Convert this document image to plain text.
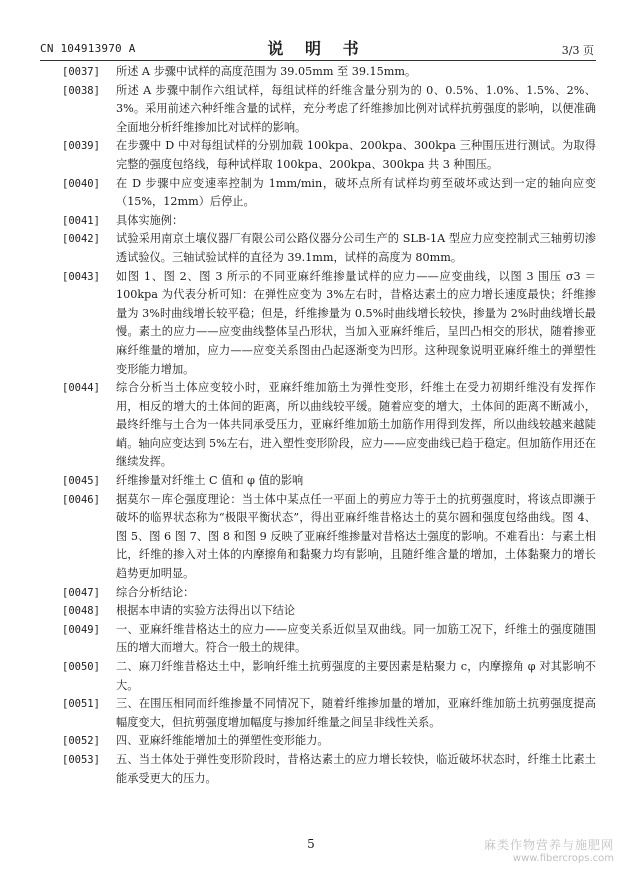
CN 104913970 A	说 明 书	3/3 页
[0037] 所述 A 步骤中试样的高度范围为 39.05mm 至 39.15mm。
[0038] 所述 A 步骤中制作六组试样，每组试样的纤维含量分别为的 0、0.5%、1.0%、1.5%、2%、3%。采用前述六种纤维含量的试样，充分考虑了纤维掺加比例对试样抗剪强度的影响，以便准确全面地分析纤维掺加比对试样的影响。
[0039] 在步骤中 D 中对每组试样的分别加载 100kpa、200kpa、300kpa 三种围压进行测试。为取得完整的强度包络线，每种试样取 100kpa、200kpa、300kpa 共 3 种围压。
[0040] 在 D 步骤中应变速率控制为 1mm/min，破坏点所有试样均剪至破坏或达到一定的轴向应变（15%，12mm）后停止。
[0041] 具体实施例：
[0042] 试验采用南京土壤仪器厂有限公司公路仪器分公司生产的 SLB-1A 型应力应变控制式三轴剪切渗透试验仪。三轴试验试样的直径为 39.1mm，试样的高度为 80mm。
[0043] 如图 1、图 2、图 3 所示的不同亚麻纤维掺量试样的应力——应变曲线，以图 3 围压 σ3 ＝ 100kpa 为代表分析可知：在弹性应变为 3%左右时，昔格达素土的应力增长速度最快；纤维掺量为 3%时曲线增长较平稳；但是，纤维掺量为 0.5%时曲线增长较快，掺量为 2%时曲线增长最慢。素土的应力——应变曲线整体呈凸形状，当加入亚麻纤维后，呈凹凸相交的形状，随着掺亚麻纤维量的增加，应力——应变关系图由凸起逐渐变为凹形。这种现象说明亚麻纤维土的弹塑性变形能力增加。
[0044] 综合分析当土体应变较小时，亚麻纤维加筋土为弹性变形，纤维土在受力初期纤维没有发挥作用，相反的增大的土体间的距离，所以曲线较平缓。随着应变的增大，土体间的距离不断减小，最终纤维与土合为一体共同承受压力，亚麻纤维加筋土加筋作用得到发挥，所以曲线较越来越陡峭。轴向应变达到 5%左右，进入塑性变形阶段，应力——应变曲线已趋于稳定。但加筋作用还在继续发挥。
[0045] 纤维掺量对纤维土 C 值和 φ 值的影响
[0046] 据莫尔－库仑强度理论：当土体中某点任一平面上的剪应力等于土的抗剪强度时，将该点即濒于破坏的临界状态称为“极限平衡状态”，得出亚麻纤维昔格达土的莫尔圆和强度包络曲线。图 4、图 5、图 6 图 7、图 8 和图 9 反映了亚麻纤维掺量对昔格达土强度的影响。不难看出：与素土相比，纤维的掺入对土体的内摩擦角和黏聚力均有影响，且随纤维含量的增加，土体黏聚力的增长趋势更加明显。
[0047] 综合分析结论：
[0048] 根据本申请的实验方法得出以下结论
[0049] 一、亚麻纤维昔格达土的应力——应变关系近似呈双曲线。同一加筋工况下，纤维土的强度随围压的增大而增大。符合一般土的规律。
[0050] 二、麻刀纤维昔格达土中，影响纤维土抗剪强度的主要因素是粘聚力 c，内摩擦角 φ 对其影响不大。
[0051] 三、在围压相同而纤维掺量不同情况下，随着纤维掺加量的增加，亚麻纤维加筋土抗剪强度提高幅度变大，但抗剪强度增加幅度与掺加纤维量之间呈非线性关系。
[0052] 四、亚麻纤维能增加土的弹塑性变形能力。
[0053] 五、当土体处于弹性变形阶段时，昔格达素土的应力增长较快，临近破坏状态时，纤维土比素土能承受更大的压力。
5	麻类作物营养与施肥网
www.fibercrops.com
